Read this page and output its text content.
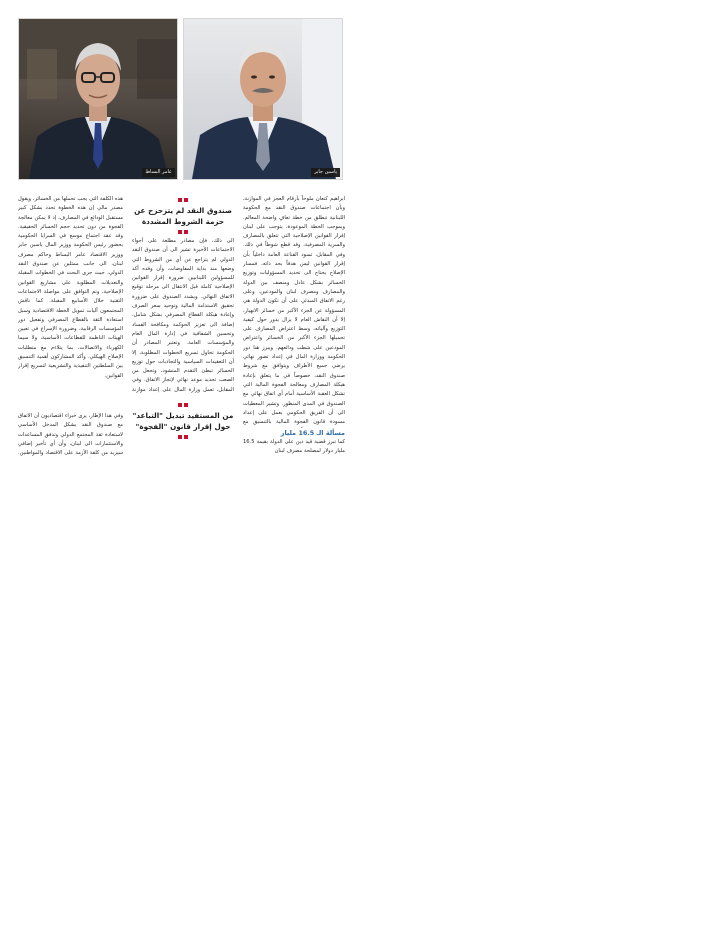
عامر البساط	ياسين جابر

ابراهيم كنعان ملوحاً بأرقام العجز في الموازنة، وبأن اجتماعات صندوق النقد مع الحكومة اللبنانية تنطلق من خطة تعافٍ واضحة المعالم. وبموجب الخطة الموعودة، يتوجب على لبنان إقرار القوانين الإصلاحية التي تتعلق بالمصارف والسرية المصرفية، وقد قطع شوطاً في ذلك. وفي المقابل، تسود القناعة العامة داخلياً بأن إقرار القوانين ليس هدفاً بحد ذاته، فمسار الإصلاح يحتاج الى تحديد المسؤوليات وتوزيع الخسائر بشكل عادل ومنصف بين الدولة والمصارف ومصرف لبنان والمودعين. وعلى رغم الاتفاق المبدئي على أن تكون الدولة هي المسؤولة عن الجزء الأكبر من خسائر الانهيار، إلا أن النقاش العام لا يزال يدور حول كيفية التوزيع وآلياته، وسط اعتراض المصارف على تحميلها الجزء الأكبر من الخسائر واعتراض المودعين على شطب ودائعهم. ويبرز هنا دور الحكومة ووزارة المال في إعداد تصور نهائي يرضي جميع الأطراف ويتوافق مع شروط صندوق النقد، خصوصاً في ما يتعلق بإعادة هيكلة المصارف ومعالجة الفجوة المالية التي تشكل العقبة الأساسية أمام أي اتفاق نهائي مع الصندوق في المدى المنظور. وتشير المعطيات الى أن الفريق الحكومي يعمل على إعداد مسودة قانون الفجوة المالية بالتنسيق مع

مسألة الـ 16.5 مليار

كما تبرز قضية قيد دين على الدولة بقيمة 16.5 مليار دولار لمصلحة مصرف لبنان

صندوق النقد لم يتزحزح عن حزمة الشروط المشددة

الى ذلك، فإن مصادر مطلعة على أجواء الاجتماعات الأخيرة تشير الى أن صندوق النقد الدولي لم يتراجع عن أي من الشروط التي وضعها منذ بداية المفاوضات، وأن وفده أكد للمسؤولين اللبنانيين ضرورة إقرار القوانين الإصلاحية كاملة قبل الانتقال الى مرحلة توقيع الاتفاق النهائي. ويشدد الصندوق على ضرورة تحقيق الاستدامة المالية وتوحيد سعر الصرف وإعادة هيكلة القطاع المصرفي بشكل شامل، إضافة الى تعزيز الحوكمة ومكافحة الفساد وتحسين الشفافية في إدارة المال العام والمؤسسات العامة. وتعتبر المصادر أن الحكومة تحاول تسريع الخطوات المطلوبة، إلا أن التعقيدات السياسية والتجاذبات حول توزيع الخسائر تبطئ التقدم المنشود، وتجعل من الصعب تحديد موعد نهائي لإنجاز الاتفاق. وفي المقابل، تعمل وزارة المال على إعداد موازنة

من المستفيد تبديل "التباعد" حول إقرار قانون "الفجوة"

هذه الكلفة التي يجب تحملها من الخسائر، ويقول مصدر مالي إن هذه الخطوة تحدد بشكل كبير مستقبل الودائع في المصارف، إذ لا يمكن معالجة الفجوة من دون تحديد حجم الخسائر الحقيقية. وقد عقد اجتماع موسع في السرايا الحكومية بحضور رئيس الحكومة ووزير المال ياسين جابر ووزير الاقتصاد عامر البساط وحاكم مصرف لبنان، الى جانب ممثلين عن صندوق النقد الدولي، حيث جرى البحث في الخطوات المقبلة والتعديلات المطلوبة على مشاريع القوانين الإصلاحية، وتم التوافق على مواصلة الاجتماعات التقنية خلال الأسابيع المقبلة. كما ناقش المجتمعون آليات تمويل الخطة الاقتصادية وسبل استعادة الثقة بالقطاع المصرفي وتفعيل دور المؤسسات الرقابية، وضرورة الإسراع في تعيين الهيئات الناظمة للقطاعات الأساسية، ولا سيما الكهرباء والاتصالات، بما يتلاءم مع متطلبات الإصلاح الهيكلي. وأكد المشاركون أهمية التنسيق بين السلطتين التنفيذية والتشريعية لتسريع إقرار القوانين.

وفي هذا الإطار، يرى خبراء اقتصاديون أن الاتفاق مع صندوق النقد يشكل المدخل الأساسي لاستعادة ثقة المجتمع الدولي وتدفق المساعدات والاستثمارات الى لبنان، وأن أي تأخير إضافي سيزيد من كلفة الأزمة على الاقتصاد والمواطنين.
